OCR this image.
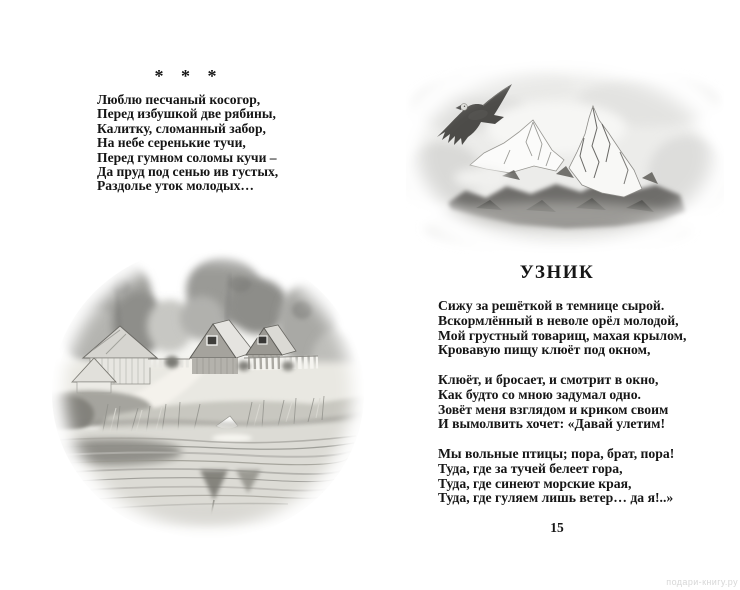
* * *
Люблю песчаный косогор,
Перед избушкой две рябины,
Калитку, сломанный забор,
На небе серенькие тучи,
Перед гумном соломы кучи –
Да пруд под сенью ив густых,
Раздолье уток молодых…
УЗНИК
Сижу за решёткой в темнице сырой.
Вскормлённый в неволе орёл молодой,
Мой грустный товарищ, махая крылом,
Кровавую пищу клюёт под окном,
Клюёт, и бросает, и смотрит в окно,
Как будто со мною задумал одно.
Зовёт меня взглядом и криком своим
И вымолвить хочет: «Давай улетим!
Мы вольные птицы; пора, брат, пора!
Туда, где за тучей белеет гора,
Туда, где синеют морские края,
Туда, где гуляем лишь ветер… да я!..»
15
подари-книгу.ру
